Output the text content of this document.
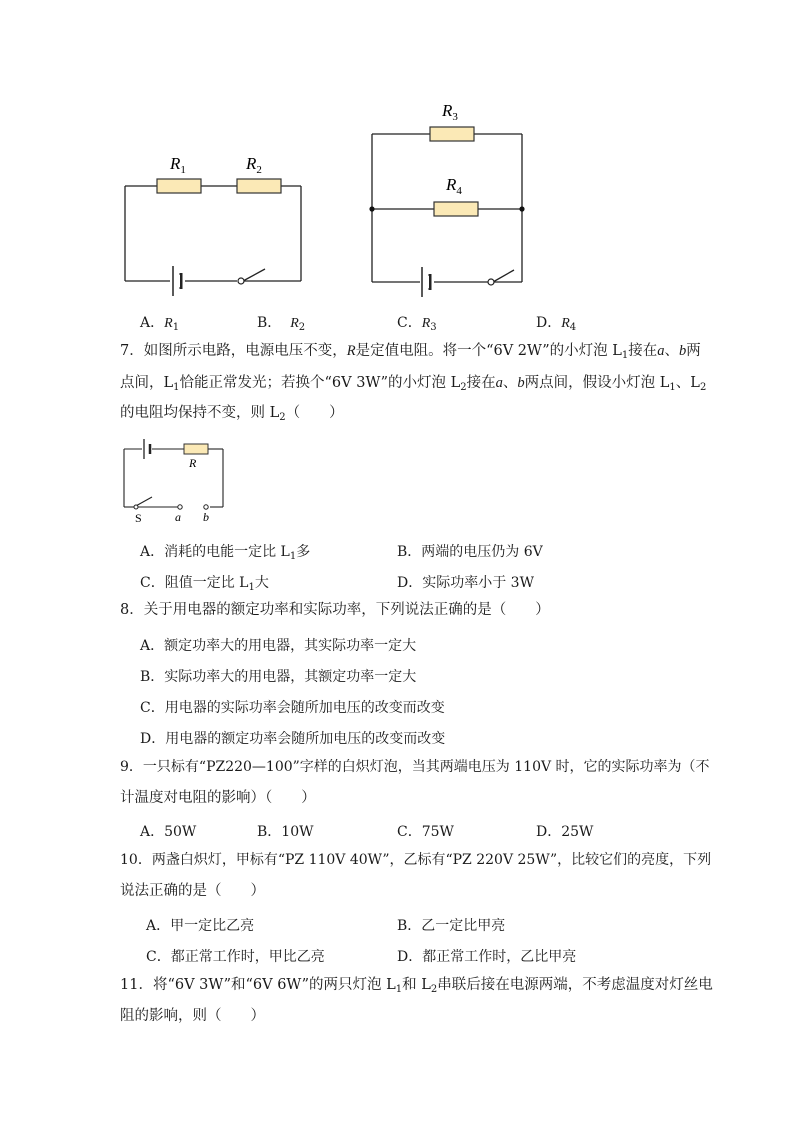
$R_1$	$R_2$
$R_3$
$R_4$
A．$R_1$	B． $R_2$	C．$R_3$	D．$R_4$
7．如图所示电路，电源电压不变，R是定值电阻。将一个“6V 2W”的小灯泡 $L_1$接在a、b两
点间，$L_1$恰能正常发光；若换个“6V 3W”的小灯泡 $L_2$接在a、b两点间，假设小灯泡 $L_1$、$L_2$
的电阻均保持不变，则 $L_2$（　　）
R
S	a b
A．消耗的电能一定比 $L_1$多	B．两端的电压仍为 6V
C．阻值一定比 $L_1$大	D．实际功率小于 3W
8．关于用电器的额定功率和实际功率，下列说法正确的是（　　）
A．额定功率大的用电器，其实际功率一定大
B．实际功率大的用电器，其额定功率一定大
C．用电器的实际功率会随所加电压的改变而改变
D．用电器的额定功率会随所加电压的改变而改变
9．一只标有“PZ220—100”字样的白炽灯泡，当其两端电压为 110V 时，它的实际功率为（不
计温度对电阻的影响）（　　）
A．50W	B．10W	C．75W	D．25W
10．两盏白炽灯，甲标有“PZ 110V 40W”，乙标有“PZ 220V 25W”，比较它们的亮度，下列
说法正确的是（　　）
A．甲一定比乙亮	B．乙一定比甲亮
C．都正常工作时，甲比乙亮	D．都正常工作时，乙比甲亮
11．将“6V 3W”和“6V 6W”的两只灯泡 $L_1$和 $L_2$串联后接在电源两端，不考虑温度对灯丝电
阻的影响，则（　　）
